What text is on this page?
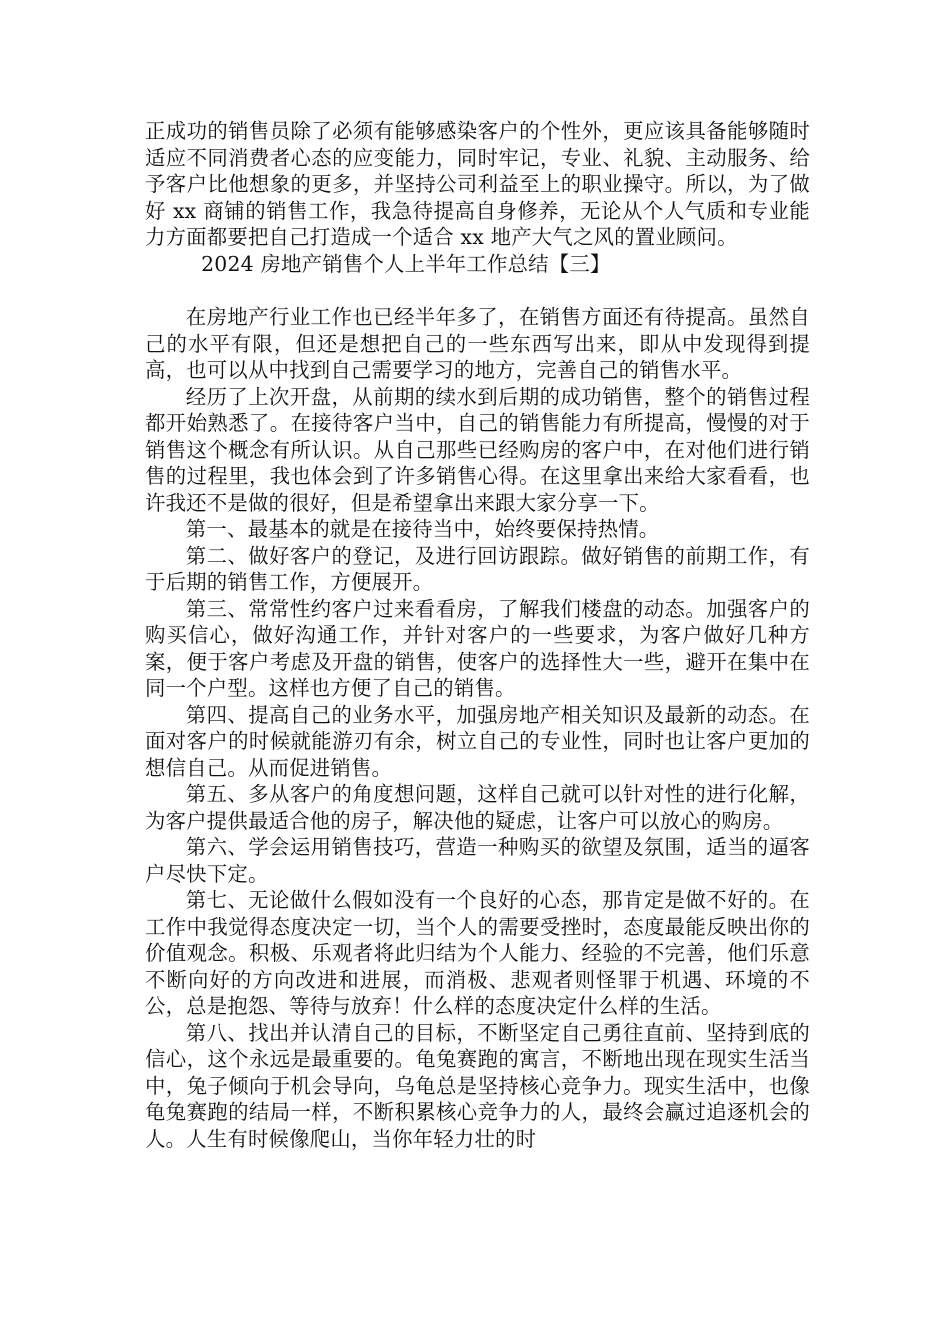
正成功的销售员除了必须有能够感染客户的个性外，更应该具备能够随时适应不同消费者心态的应变能力，同时牢记，专业、礼貌、主动服务、给予客户比他想象的更多，并坚持公司利益至上的职业操守。所以，为了做好 xx 商铺的销售工作，我急待提高自身修养，无论从个人气质和专业能力方面都要把自己打造成一个适合 xx 地产大气之风的置业顾问。

2024 房地产销售个人上半年工作总结【三】

在房地产行业工作也已经半年多了，在销售方面还有待提高。虽然自己的水平有限，但还是想把自己的一些东西写出来，即从中发现得到提高，也可以从中找到自己需要学习的地方，完善自己的销售水平。

经历了上次开盘，从前期的续水到后期的成功销售，整个的销售过程都开始熟悉了。在接待客户当中，自己的销售能力有所提高，慢慢的对于销售这个概念有所认识。从自己那些已经购房的客户中，在对他们进行销售的过程里，我也体会到了许多销售心得。在这里拿出来给大家看看，也许我还不是做的很好，但是希望拿出来跟大家分享一下。

第一、最基本的就是在接待当中，始终要保持热情。

第二、做好客户的登记，及进行回访跟踪。做好销售的前期工作，有于后期的销售工作，方便展开。

第三、常常性约客户过来看看房，了解我们楼盘的动态。加强客户的购买信心，做好沟通工作，并针对客户的一些要求，为客户做好几种方案，便于客户考虑及开盘的销售，使客户的选择性大一些，避开在集中在同一个户型。这样也方便了自己的销售。

第四、提高自己的业务水平，加强房地产相关知识及最新的动态。在面对客户的时候就能游刃有余，树立自己的专业性，同时也让客户更加的想信自己。从而促进销售。

第五、多从客户的角度想问题，这样自己就可以针对性的进行化解，为客户提供最适合他的房子，解决他的疑虑，让客户可以放心的购房。

第六、学会运用销售技巧，营造一种购买的欲望及氛围，适当的逼客户尽快下定。

第七、无论做什么假如没有一个良好的心态，那肯定是做不好的。在工作中我觉得态度决定一切，当个人的需要受挫时，态度最能反映出你的价值观念。积极、乐观者将此归结为个人能力、经验的不完善，他们乐意不断向好的方向改进和进展，而消极、悲观者则怪罪于机遇、环境的不公，总是抱怨、等待与放弃！什么样的态度决定什么样的生活。

第八、找出并认清自己的目标，不断坚定自己勇往直前、坚持到底的信心，这个永远是最重要的。龟兔赛跑的寓言，不断地出现在现实生活当中，兔子倾向于机会导向，乌龟总是坚持核心竞争力。现实生活中，也像龟兔赛跑的结局一样，不断积累核心竞争力的人，最终会赢过追逐机会的人。人生有时候像爬山，当你年轻力壮的时
